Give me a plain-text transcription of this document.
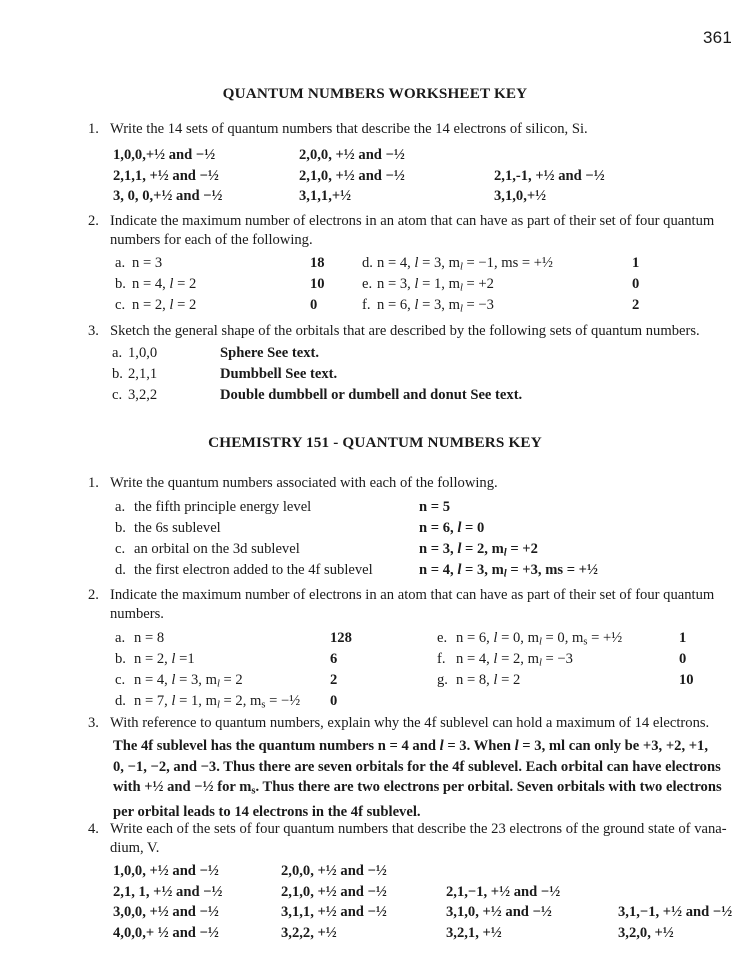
361
QUANTUM NUMBERS WORKSHEET KEY
1. Write the 14 sets of quantum numbers that describe the 14 electrons of silicon, Si.
1,0,0,+½ and −½	2,0,0, +½ and −½
2,1,1, +½ and −½	2,1,0, +½ and −½	2,1,-1, +½ and −½
3, 0, 0,+½ and −½	3,1,1,+½	3,1,0,+½
2. Indicate the maximum number of electrons in an atom that can have as part of their set of four quantum
numbers for each of the following.
a. n = 3	18
b. n = 4, l = 2	10
c. n = 2, l = 2	0
d. n = 4, l = 3, $m_l = -1$, ms = +½	1
e. n = 3, l = 1, $m_l = +2$	0
f. n = 6, l = 3, $m_l = -3$	2
3. Sketch the general shape of the orbitals that are described by the following sets of quantum numbers.
a. 1,0,0	Sphere See text.
b. 2,1,1	Dumbbell See text.
c. 3,2,2	Double dumbbell or dumbell and donut See text.
CHEMISTRY 151 - QUANTUM NUMBERS KEY
1. Write the quantum numbers associated with each of the following.
a. the fifth principle energy level	n = 5
b. the 6s sublevel	n = 6, l = 0
c. an orbital on the 3d sublevel	n = 3, l = 2, $m_l = +2$
d. the first electron added to the 4f sublevel	n = 4, l = 3, $m_l = +3$, ms = +½
2. Indicate the maximum number of electrons in an atom that can have as part of their set of four quantum
numbers.
a. n = 8	128
b. n = 2, l =1	6
c. n = 4, l = 3, $m_l = 2$	2
d. n = 7, l = 1, $m_l = 2$, $m_s$ = −½ 0
e. n = 6, l = 0, $m_l = 0$, $m_s$ = +½	1
f. n = 4, l = 2, $m_l = -3$	0
g. n = 8, l = 2	10
3. With reference to quantum numbers, explain why the 4f sublevel can hold a maximum of 14 electrons.
The 4f sublevel has the quantum numbers n = 4 and l = 3. When l = 3, ml can only be +3, +2, +1,
0, −1, −2, and −3. Thus there are seven orbitals for the 4f sublevel. Each orbital can have electrons
with +½ and −½ for $m_s$. Thus there are two electrons per orbital. Seven orbitals with two electrons
per orbital leads to 14 electrons in the 4f sublevel.
4. Write each of the sets of four quantum numbers that describe the 23 electrons of the ground state of vana-
dium, V.
1,0,0, +½ and −½	2,0,0, +½ and −½
2,1, 1, +½ and −½	2,1,0, +½ and −½	2,1,−1, +½ and −½
3,0,0, +½ and −½	3,1,1, +½ and −½	3,1,0, +½ and −½	3,1,−1, +½ and −½
4,0,0,+ ½ and −½	3,2,2, +½	3,2,1, +½	3,2,0, +½
